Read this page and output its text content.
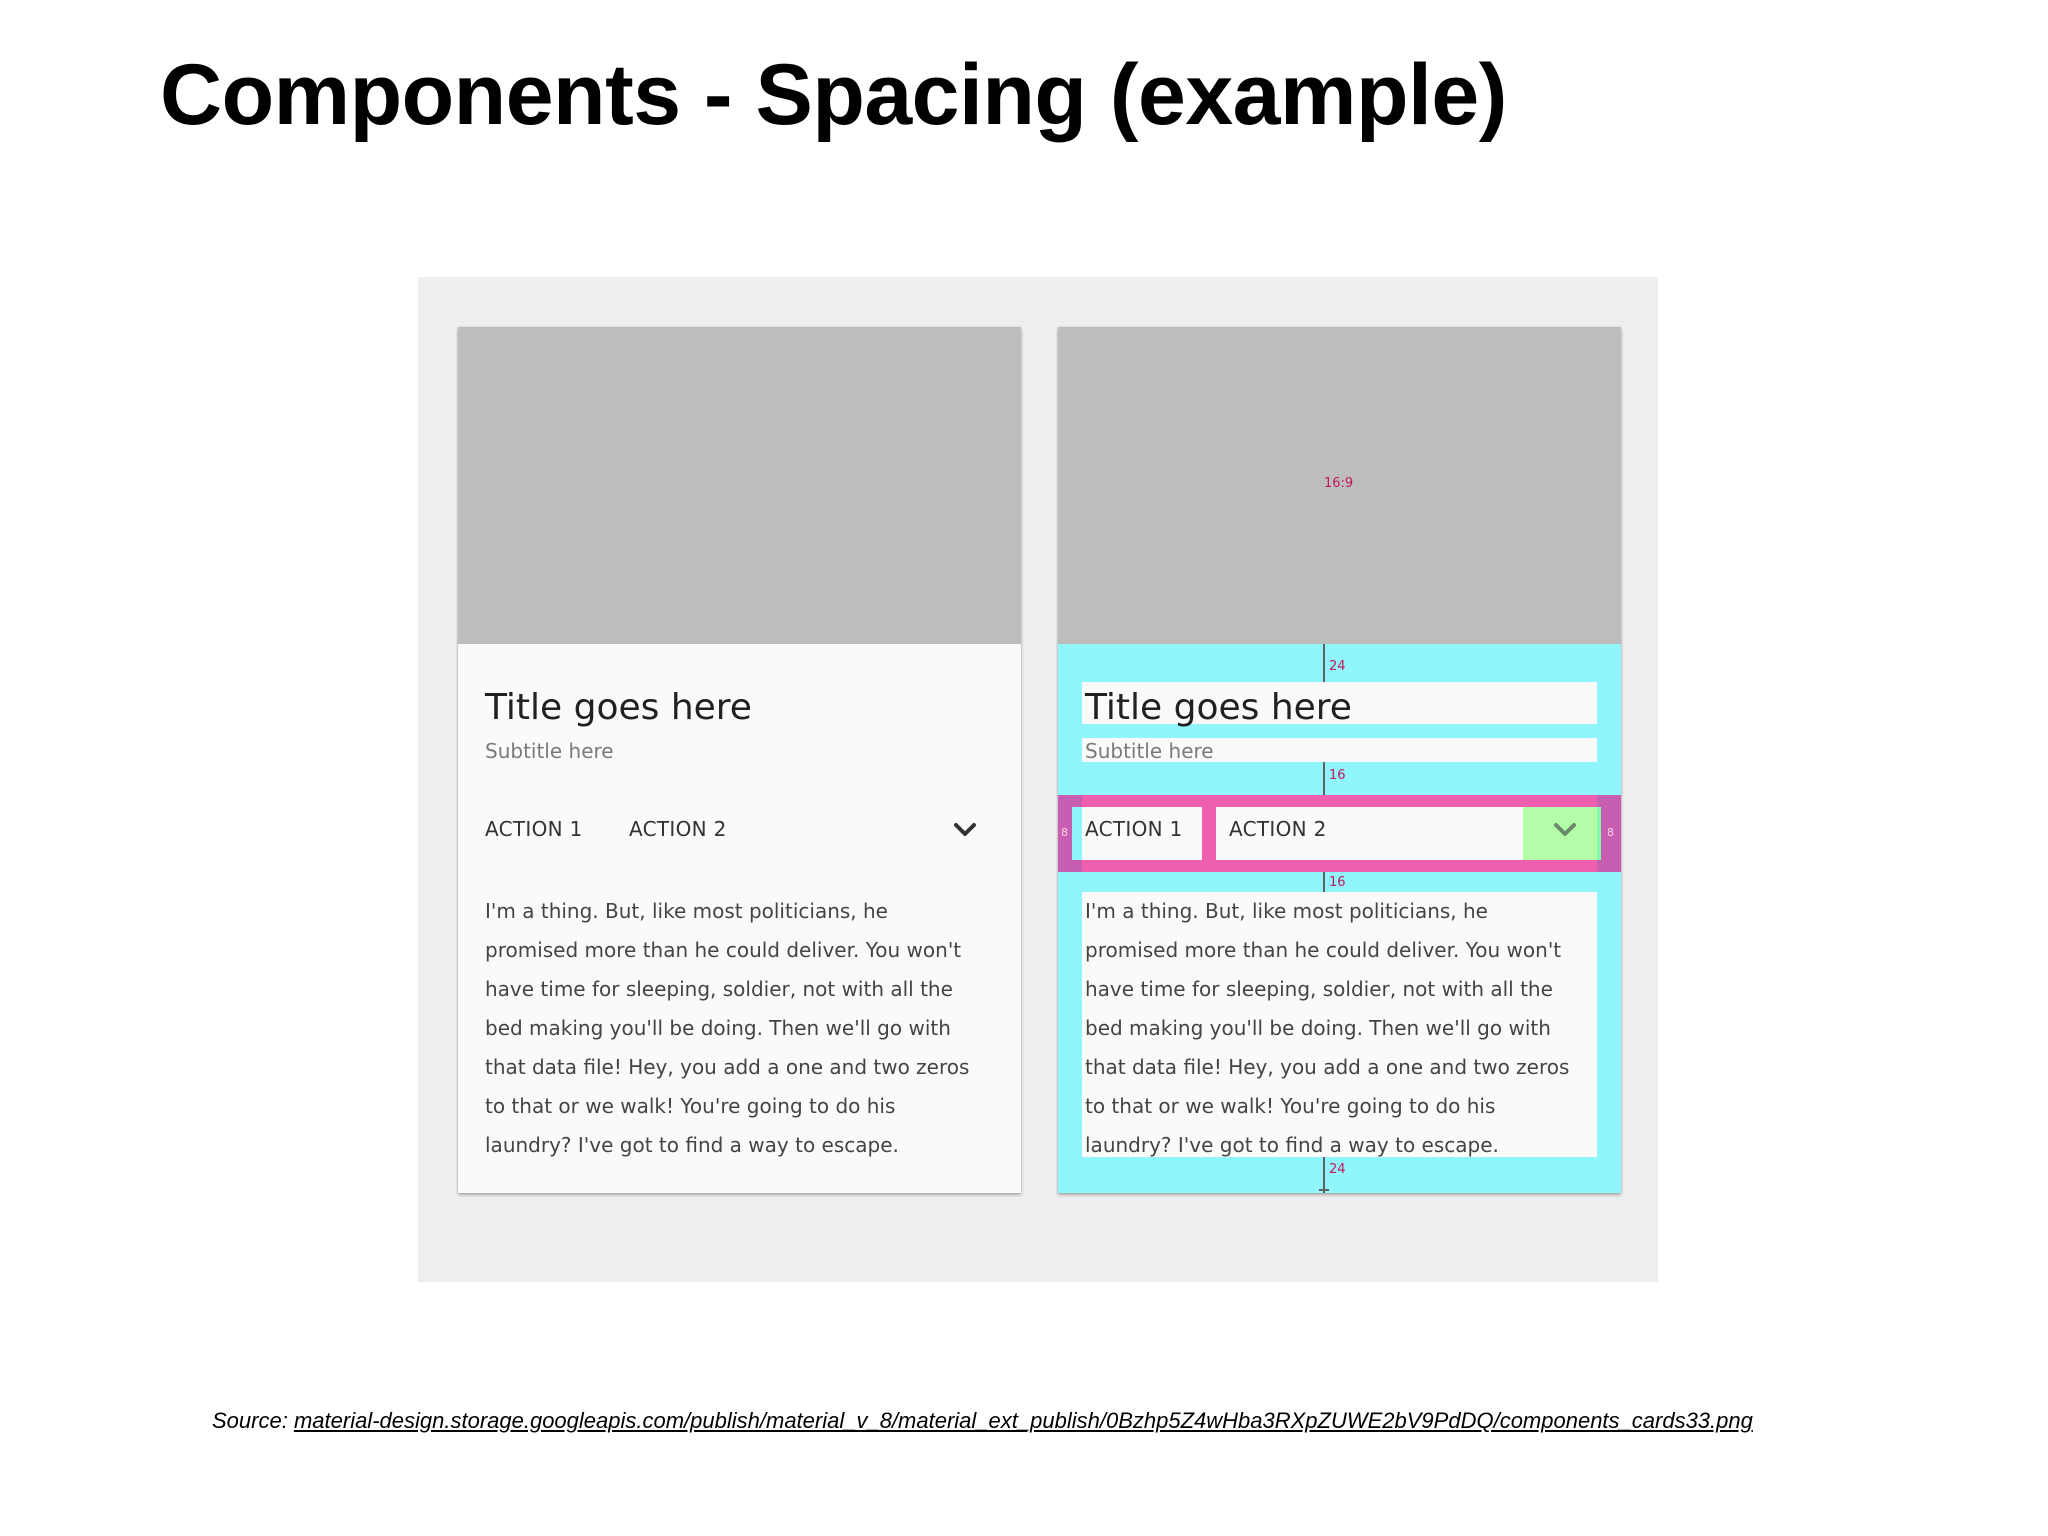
Components - Spacing (example)
Title goes here
Subtitle here
ACTION 1 ACTION 2
I'm a thing. But, like most politicians, he promised more than he could deliver. You won't have time for sleeping, soldier, not with all the bed making you'll be doing. Then we'll go with that data file! Hey, you add a one and two zeros to that or we walk! You're going to do his laundry? I've got to find a way to escape.
16:9
Title goes here
Subtitle here
ACTION 1 ACTION 2
I'm a thing. But, like most politicians, he promised more than he could deliver. You won't have time for sleeping, soldier, not with all the bed making you'll be doing. Then we'll go with that data file! Hey, you add a one and two zeros to that or we walk! You're going to do his laundry? I've got to find a way to escape.
24
16
16
24
8	8
Source: material-design.storage.googleapis.com/publish/material_v_8/material_ext_publish/0Bzhp5Z4wHba3RXpZUWE2bV9PdDQ/components_cards33.png
